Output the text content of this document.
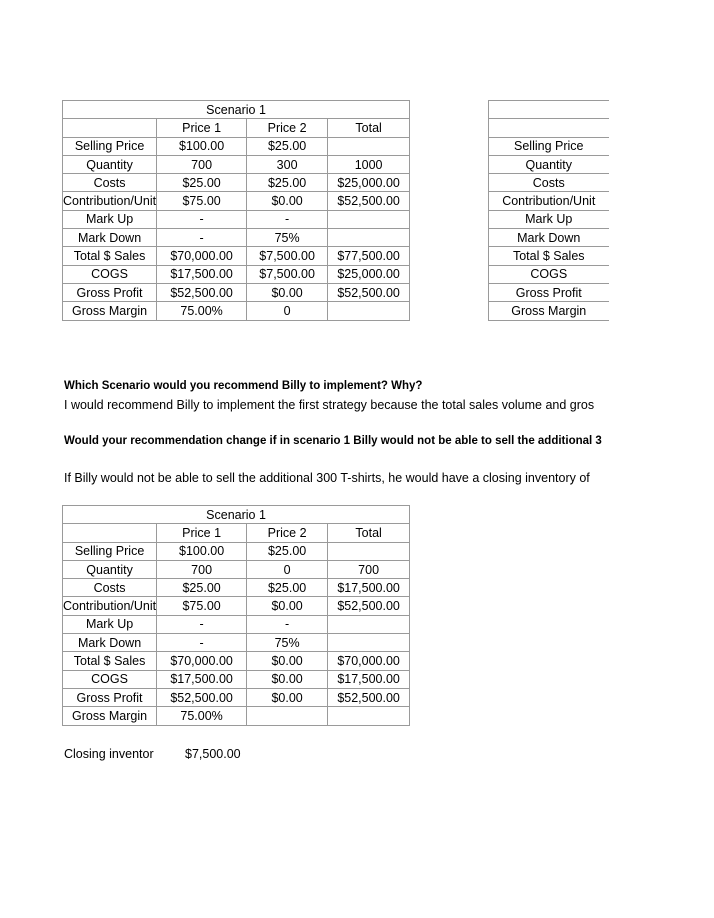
Scenario 1			
	Price 1	Price 2	Total
Selling Price	$100.00	$25.00	
Quantity	700	300	1000
Costs	$25.00	$25.00	$25,000.00
Contribution/Unit	$75.00	$0.00	$52,500.00
Mark Up	-	-	
Mark Down	-	75%	
Total $ Sales	$70,000.00	$7,500.00	$77,500.00
COGS	$17,500.00	$7,500.00	$25,000.00
Gross Profit	$52,500.00	$0.00	$52,500.00
Gross Margin	75.00%	0	

Selling Price
Quantity
Costs
Contribution/Unit
Mark Up
Mark Down
Total $ Sales
COGS
Gross Profit
Gross Margin
Which Scenario would you recommend Billy to implement? Why?
I would recommend Billy to implement the first strategy because the total sales volume and gros
Would your recommendation change if in scenario 1 Billy would not be able to sell the additional 3
If Billy would not be able to sell the additional 300 T-shirts, he would have a closing inventory of
Scenario 1			
	Price 1	Price 2	Total
Selling Price	$100.00	$25.00	
Quantity	700	0	700
Costs	$25.00	$25.00	$17,500.00
Contribution/Unit	$75.00	$0.00	$52,500.00
Mark Up	-	-	
Mark Down	-	75%	
Total $ Sales	$70,000.00	$0.00	$70,000.00
COGS	$17,500.00	$0.00	$17,500.00
Gross Profit	$52,500.00	$0.00	$52,500.00
Gross Margin	75.00%		
Closing inventor	$7,500.00
